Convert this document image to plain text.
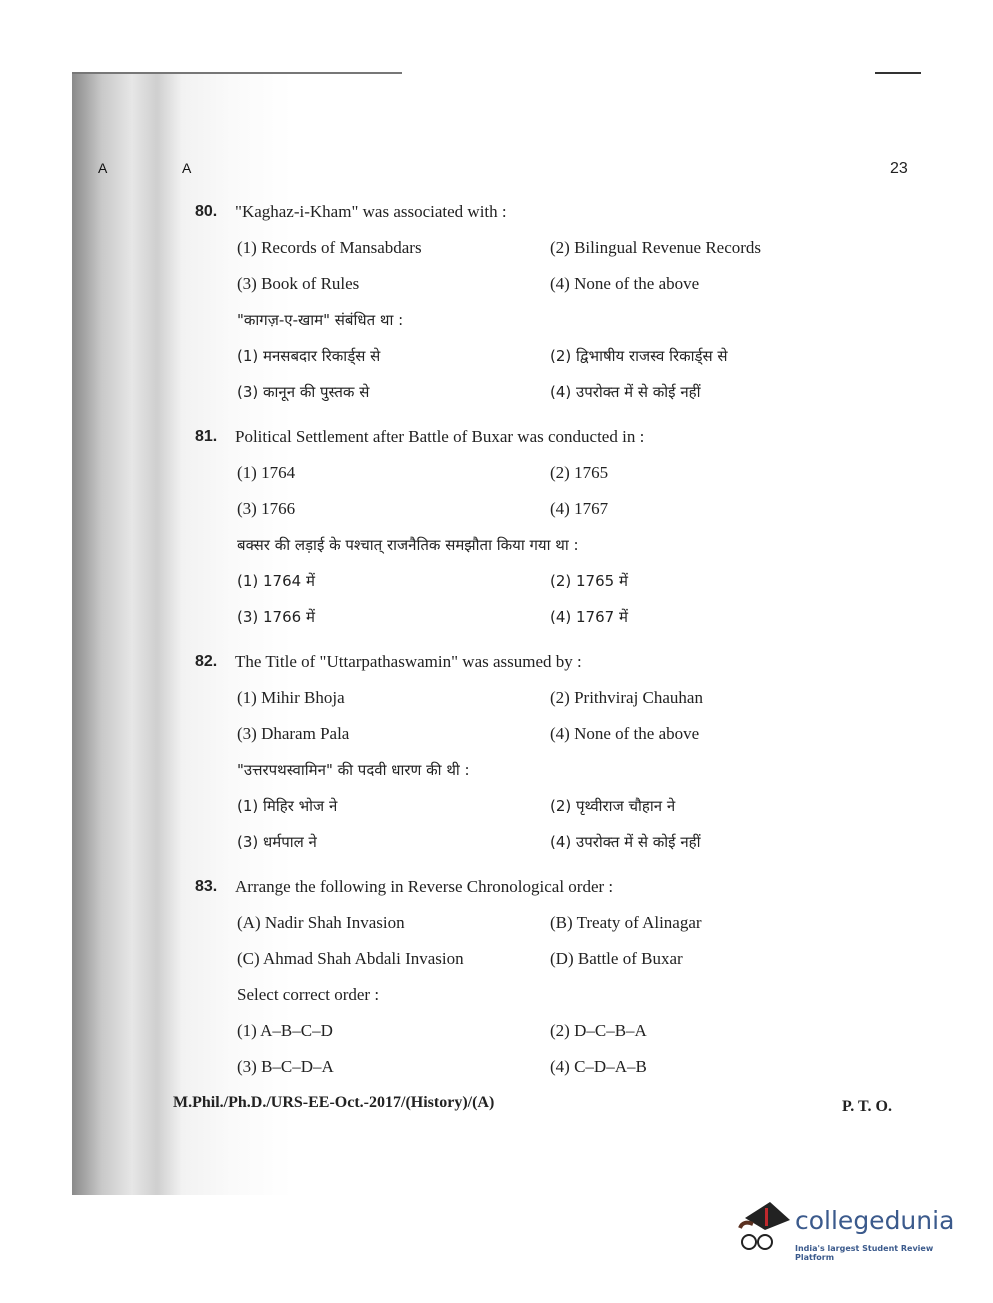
A	A	23
80. "Kaghaz-i-Kham" was associated with :
(1) Records of Mansabdars	(2) Bilingual Revenue Records
(3) Book of Rules	(4) None of the above
"कागज़-ए-खाम" संबंधित था :
(1) मनसबदार रिकार्ड्स से	(2) द्विभाषीय राजस्व रिकार्ड्स से
(3) कानून की पुस्तक से	(4) उपरोक्त में से कोई नहीं
81. Political Settlement after Battle of Buxar was conducted in :
(1) 1764	(2) 1765
(3) 1766	(4) 1767
बक्सर की लड़ाई के पश्चात् राजनैतिक समझौता किया गया था :
(1) 1764 में	(2) 1765 में
(3) 1766 में	(4) 1767 में
82. The Title of "Uttarpathaswamin" was assumed by :
(1) Mihir Bhoja	(2) Prithviraj Chauhan
(3) Dharam Pala	(4) None of the above
"उत्तरपथस्वामिन" की पदवी धारण की थी :
(1) मिहिर भोज ने	(2) पृथ्वीराज चौहान ने
(3) धर्मपाल ने	(4) उपरोक्त में से कोई नहीं
83. Arrange the following in Reverse Chronological order :
(A) Nadir Shah Invasion	(B) Treaty of Alinagar
(C) Ahmad Shah Abdali Invasion	(D) Battle of Buxar
Select correct order :
(1) A–B–C–D	(2) D–C–B–A
(3) B–C–D–A	(4) C–D–A–B
M.Phil./Ph.D./URS-EE-Oct.-2017/(History)/(A)	P. T. O.
collegedunia
India's largest Student Review Platform
